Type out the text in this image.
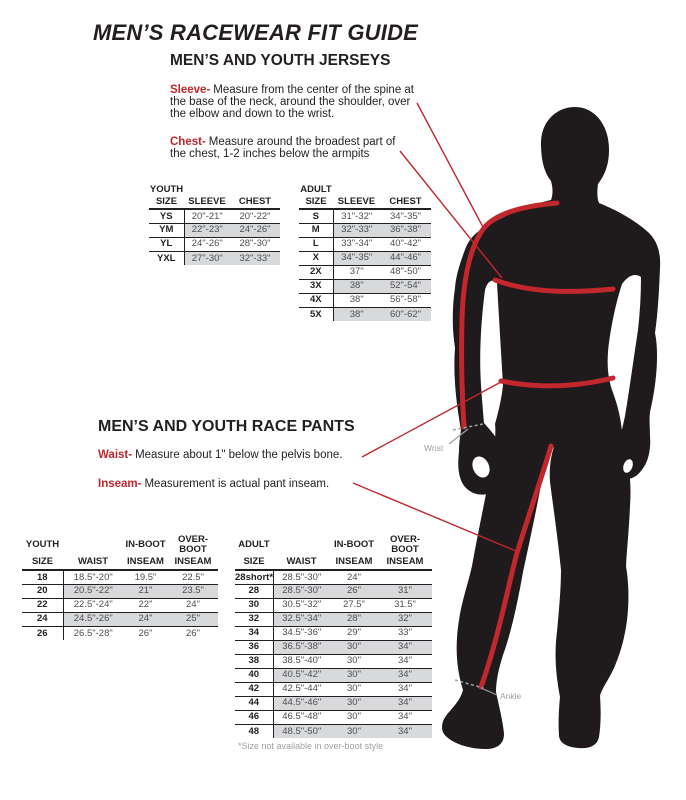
Wrist
Ankle
MEN’S RACEWEAR FIT GUIDE
MEN’S AND YOUTH JERSEYS
Sleeve- Measure from the center of the spine at the base of the neck, around the shoulder, over the elbow and down to the wrist.
Chest- Measure around the broadest part of the chest, 1-2 inches below the armpits
MEN’S AND YOUTH RACE PANTS
Waist- Measure about 1" below the pelvis bone.
Inseam- Measurement is actual pant inseam.
YOUTH		
SIZE	SLEEVE	CHEST
YS	20"-21"	20"-22"
YM	22"-23"	24"-26"
YL	24"-26"	28"-30"
YXL	27"-30"	32"-33"
ADULT		
SIZE	SLEEVE	CHEST
S	31"-32"	34"-35"
M	32"-33"	36"-38"
L	33"-34"	40"-42"
X	34"-35"	44"-46"
2X	37"	48"-50"
3X	38"	52"-54"
4X	38"	56"-58"
5X	38"	60"-62"
YOUTH		IN-BOOT	OVER-BOOT
SIZE	WAIST	INSEAM	INSEAM
18	18.5"-20"	19.5"	22.5"
20	20.5"-22"	21"	23.5"
22	22.5"-24"	22"	24"
24	24.5"-26"	24"	25"
26	26.5"-28"	26"	26"
ADULT		IN-BOOT	OVER-BOOT
SIZE	WAIST	INSEAM	INSEAM
28short*	28.5"-30"	24"	
28	28.5"-30"	26"	31"
30	30.5"-32"	27.5"	31.5"
32	32.5"-34"	28"	32"
34	34.5"-36"	29"	33"
36	36.5"-38"	30"	34"
38	38.5"-40"	30"	34"
40	40.5"-42"	30"	34"
42	42.5"-44"	30"	34"
44	44.5"-46"	30"	34"
46	46.5"-48"	30"	34"
48	48.5"-50"	30"	34"
*Size not available in over-boot style
